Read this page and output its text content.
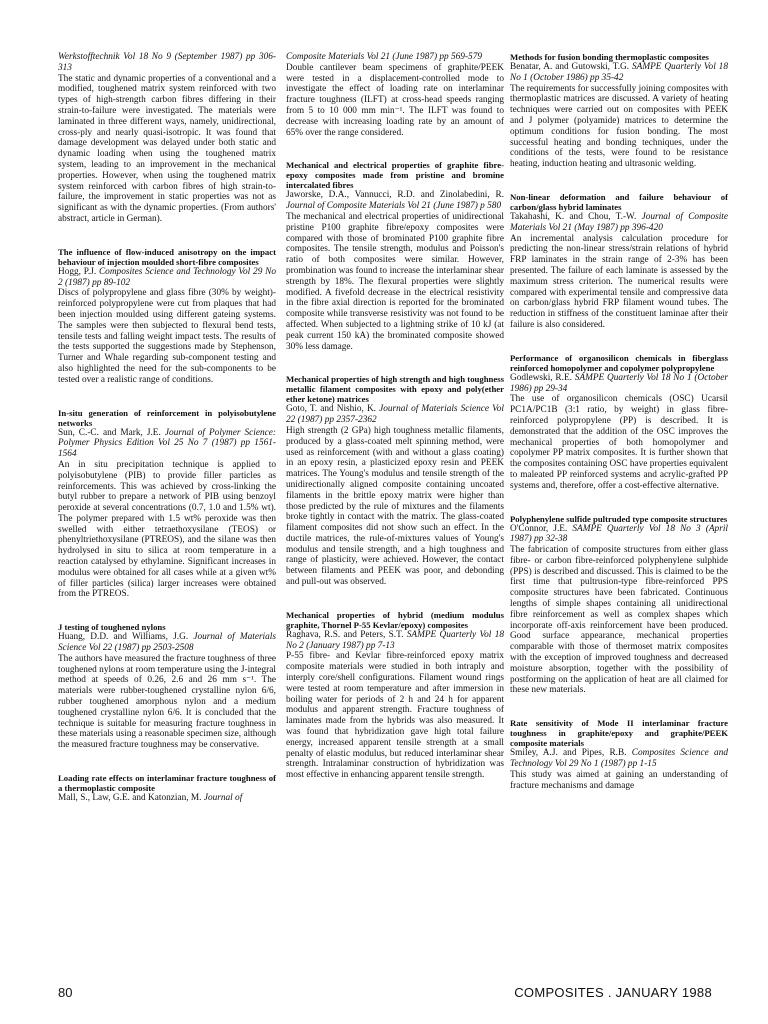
Werkstofftechnik Vol 18 No 9 (September 1987) pp 306-313
The static and dynamic properties of a conventional and a modified, toughened matrix system reinforced with two types of high-strength carbon fibres differing in their strain-to-failure were investigated. The materials were laminated in three different ways, namely, unidirectional, cross-ply and nearly quasi-isotropic. It was found that damage development was delayed under both static and dynamic loading when using the toughened matrix system, leading to an improvement in the mechanical properties. However, when using the toughened matrix system reinforced with carbon fibres of high strain-to-failure, the improvement in static properties was not as significant as with the dynamic properties. (From authors' abstract, article in German).
The influence of flow-induced anisotropy on the impact behaviour of injection moulded short-fibre composites
Hogg, P.J. Composites Science and Technology Vol 29 No 2 (1987) pp 89-102
Discs of polypropylene and glass fibre (30% by weight)-reinforced polypropylene were cut from plaques that had been injection moulded using different gateing systems. The samples were then subjected to flexural bend tests, tensile tests and falling weight impact tests. The results of the tests supported the suggestions made by Stephenson, Turner and Whale regarding sub-component testing and also highlighted the need for the sub-components to be tested over a realistic range of conditions.
In-situ generation of reinforcement in polyisobutylene networks
Sun, C.-C. and Mark, J.E. Journal of Polymer Science: Polymer Physics Edition Vol 25 No 7 (1987) pp 1561-1564
An in situ precipitation technique is applied to polyisobutylene (PIB) to provide filler particles as reinforcements. This was achieved by cross-linking the butyl rubber to prepare a network of PIB using benzoyl peroxide at several concentrations (0.7, 1.0 and 1.5% wt). The polymer prepared with 1.5 wt% peroxide was then swelled with either tetraethoxysilane (TEOS) or phenyltriethoxysilane (PTREOS), and the silane was then hydrolysed in situ to silica at room temperature in a reaction catalysed by ethylamine. Significant increases in modulus were obtained for all cases while at a given wt% of filler particles (silica) larger increases were obtained from the PTREOS.
J testing of toughened nylons
Huang, D.D. and Williams, J.G. Journal of Materials Science Vol 22 (1987) pp 2503-2508
The authors have measured the fracture toughness of three toughened nylons at room temperature using the J-integral method at speeds of 0.26, 2.6 and 26 mm s⁻¹. The materials were rubber-toughened crystalline nylon 6/6, rubber toughened amorphous nylon and a medium toughened crystalline nylon 6/6. It is concluded that the technique is suitable for measuring fracture toughness in these materials using a reasonable specimen size, although the measured fracture toughness may be conservative.
Loading rate effects on interlaminar fracture toughness of a thermoplastic composite
Mall, S., Law, G.E. and Katonzian, M. Journal of
Composite Materials Vol 21 (June 1987) pp 569-579
Double cantilever beam specimens of graphite/PEEK were tested in a displacement-controlled mode to investigate the effect of loading rate on interlaminar fracture toughness (ILFT) at cross-head speeds ranging from 5 to 10 000 mm min⁻¹. The ILFT was found to decrease with increasing loading rate by an amount of 65% over the range considered.
Mechanical and electrical properties of graphite fibre-epoxy composites made from pristine and bromine intercalated fibres
Jaworske, D.A., Vannucci, R.D. and Zinolabedini, R. Journal of Composite Materials Vol 21 (June 1987) p 580
The mechanical and electrical properties of unidirectional pristine P100 graphite fibre/epoxy composites were compared with those of brominated P100 graphite fibre composites. The tensile strength, modulus and Poisson's ratio of both composites were similar. However, prombination was found to increase the interlaminar shear strength by 18%. The flexural properties were slightly modified. A fivefold decrease in the electrical resistivity in the fibre axial direction is reported for the brominated composite while transverse resistivity was not found to be affected. When subjected to a lightning strike of 10 kJ (at peak current 150 kA) the brominated composite showed 30% less damage.
Mechanical properties of high strength and high toughness metallic filament composites with epoxy and poly(ether ether ketone) matrices
Goto, T. and Nishio, K. Journal of Materials Science Vol 22 (1987) pp 2357-2362
High strength (2 GPa) high toughness metallic filaments, produced by a glass-coated melt spinning method, were used as reinforcement (with and without a glass coating) in an epoxy resin, a plasticized epoxy resin and PEEK matrices. The Young's modulus and tensile strength of the unidirectionally aligned composite containing uncoated filaments in the brittle epoxy matrix were higher than those predicted by the rule of mixtures and the filaments broke tightly in contact with the matrix. The glass-coated filament composites did not show such an effect. In the ductile matrices, the rule-of-mixtures values of Young's modulus and tensile strength, and a high toughness and range of plasticity, were achieved. However, the contact between filaments and PEEK was poor, and debonding and pull-out was observed.
Mechanical properties of hybrid (medium modulus graphite, Thornel P-55 Kevlar/epoxy) composites
Raghava, R.S. and Peters, S.T. SAMPE Quarterly Vol 18 No 2 (January 1987) pp 7-13
P-55 fibre- and Kevlar fibre-reinforced epoxy matrix composite materials were studied in both intraply and interply core/shell configurations. Filament wound rings were tested at room temperature and after immersion in boiling water for periods of 2 h and 24 h for apparent modulus and apparent strength. Fracture toughness of laminates made from the hybrids was also measured. It was found that hybridization gave high total failure energy, increased apparent tensile strength at a small penalty of elastic modulus, but reduced interlaminar shear strength. Intralaminar construction of hybridization was most effective in enhancing apparent tensile strength.
Methods for fusion bonding thermoplastic composites
Benatar, A. and Gutowski, T.G. SAMPE Quarterly Vol 18 No 1 (October 1986) pp 35-42
The requirements for successfully joining composites with thermoplastic matrices are discussed. A variety of heating techniques were carried out on composites with PEEK and J polymer (polyamide) matrices to determine the optimum conditions for fusion bonding. The most successful heating and bonding techniques, under the conditions of the tests, were found to be resistance heating, induction heating and ultrasonic welding.
Non-linear deformation and failure behaviour of carbon/glass hybrid laminates
Takahashi, K. and Chou, T.-W. Journal of Composite Materials Vol 21 (May 1987) pp 396-420
An incremental analysis calculation procedure for predicting the non-linear stress/strain relations of hybrid FRP laminates in the strain range of 2-3% has been presented. The failure of each laminate is assessed by the maximum stress criterion. The numerical results were compared with experimental tensile and compressive data on carbon/glass hybrid FRP filament wound tubes. The reduction in stiffness of the constituent laminae after their failure is also considered.
Performance of organosilicon chemicals in fiberglass reinforced homopolymer and copolymer polypropylene
Godlewski, R.E. SAMPE Quarterly Vol 18 No 1 (October 1986) pp 29-34
The use of organosilicon chemicals (OSC) Ucarsil PC1A/PC1B (3:1 ratio, by weight) in glass fibre-reinforced polypropylene (PP) is described. It is demonstrated that the addition of the OSC improves the mechanical properties of both homopolymer and copolymer PP matrix composites. It is further shown that the composites containing OSC have properties equivalent to maleated PP reinforced systems and acrylic-grafted PP systems and, therefore, offer a cost-effective alternative.
Polyphenylene sulfide pultruded type composite structures
O'Connor, J.E. SAMPE Quarterly Vol 18 No 3 (April 1987) pp 32-38
The fabrication of composite structures from either glass fibre- or carbon fibre-reinforced polyphenylene sulphide (PPS) is described and discussed. This is claimed to be the first time that pultrusion-type fibre-reinforced PPS composite structures have been fabricated. Continuous lengths of simple shapes containing all unidirectional fibre reinforcement as well as complex shapes which incorporate off-axis reinforcement have been produced. Good surface appearance, mechanical properties comparable with those of thermoset matrix composites with the exception of improved toughness and decreased moisture absorption, together with the possibility of postforming on the application of heat are all claimed for these new materials.
Rate sensitivity of Mode II interlaminar fracture toughness in graphite/epoxy and graphite/PEEK composite materials
Smiley, A.J. and Pipes, R.B. Composites Science and Technology Vol 29 No 1 (1987) pp 1-15
This study was aimed at gaining an understanding of fracture mechanisms and damage
80	COMPOSITES . JANUARY 1988
